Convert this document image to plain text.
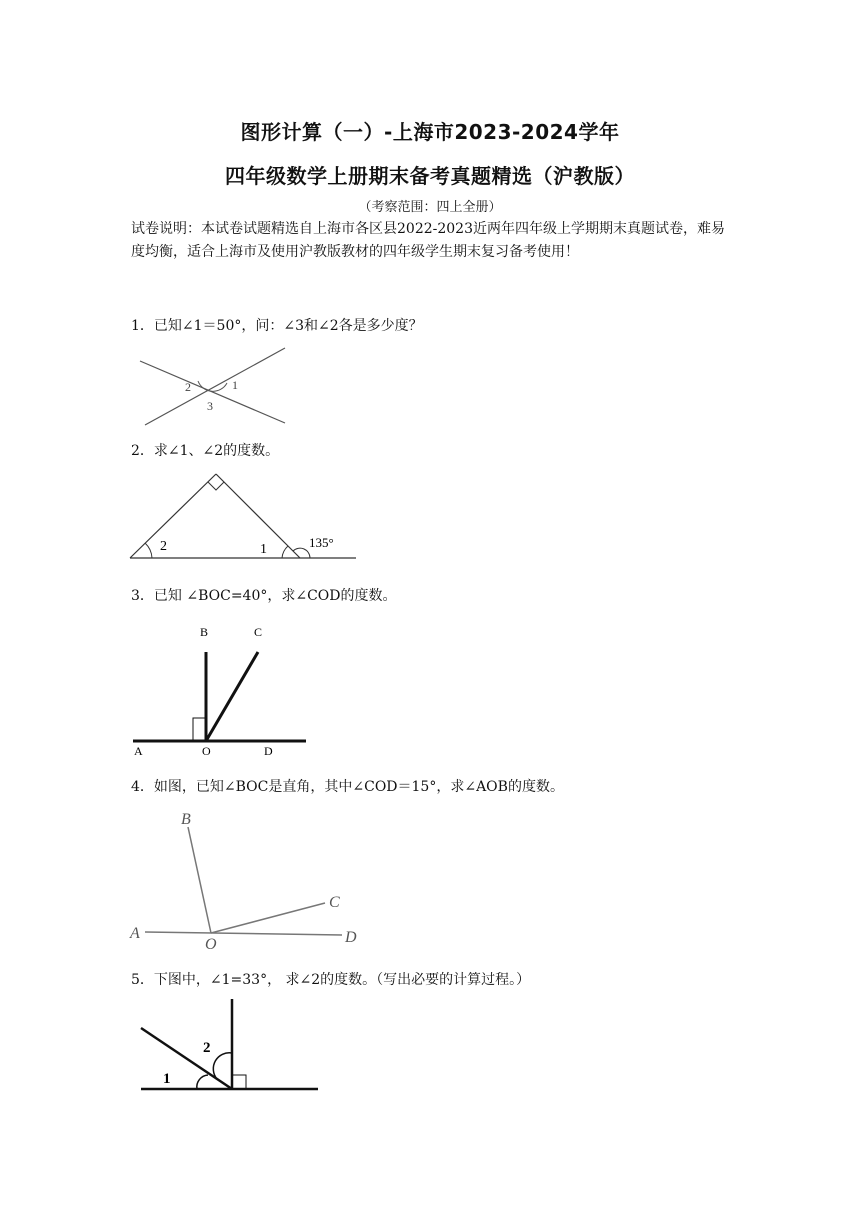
图形计算（一）-上海市2023-2024学年
四年级数学上册期末备考真题精选（沪教版）
（考察范围：四上全册）
试卷说明：本试卷试题精选自上海市各区县2022-2023近两年四年级上学期期末真题试卷，难易度均衡，适合上海市及使用沪教版教材的四年级学生期末复习备考使用！
1．已知∠1＝50°，问：∠3和∠2各是多少度？
2	1
3
2．求∠1、∠2的度数。
2	1	135°
3．已知 ∠BOC=40°，求∠COD的度数。
B	C
A	O	D
4．如图，已知∠BOC是直角，其中∠COD＝15°，求∠AOB的度数。
B
C
A
O	D
5．下图中，∠1=33°， 求∠2的度数。（写出必要的计算过程。）
2
1
